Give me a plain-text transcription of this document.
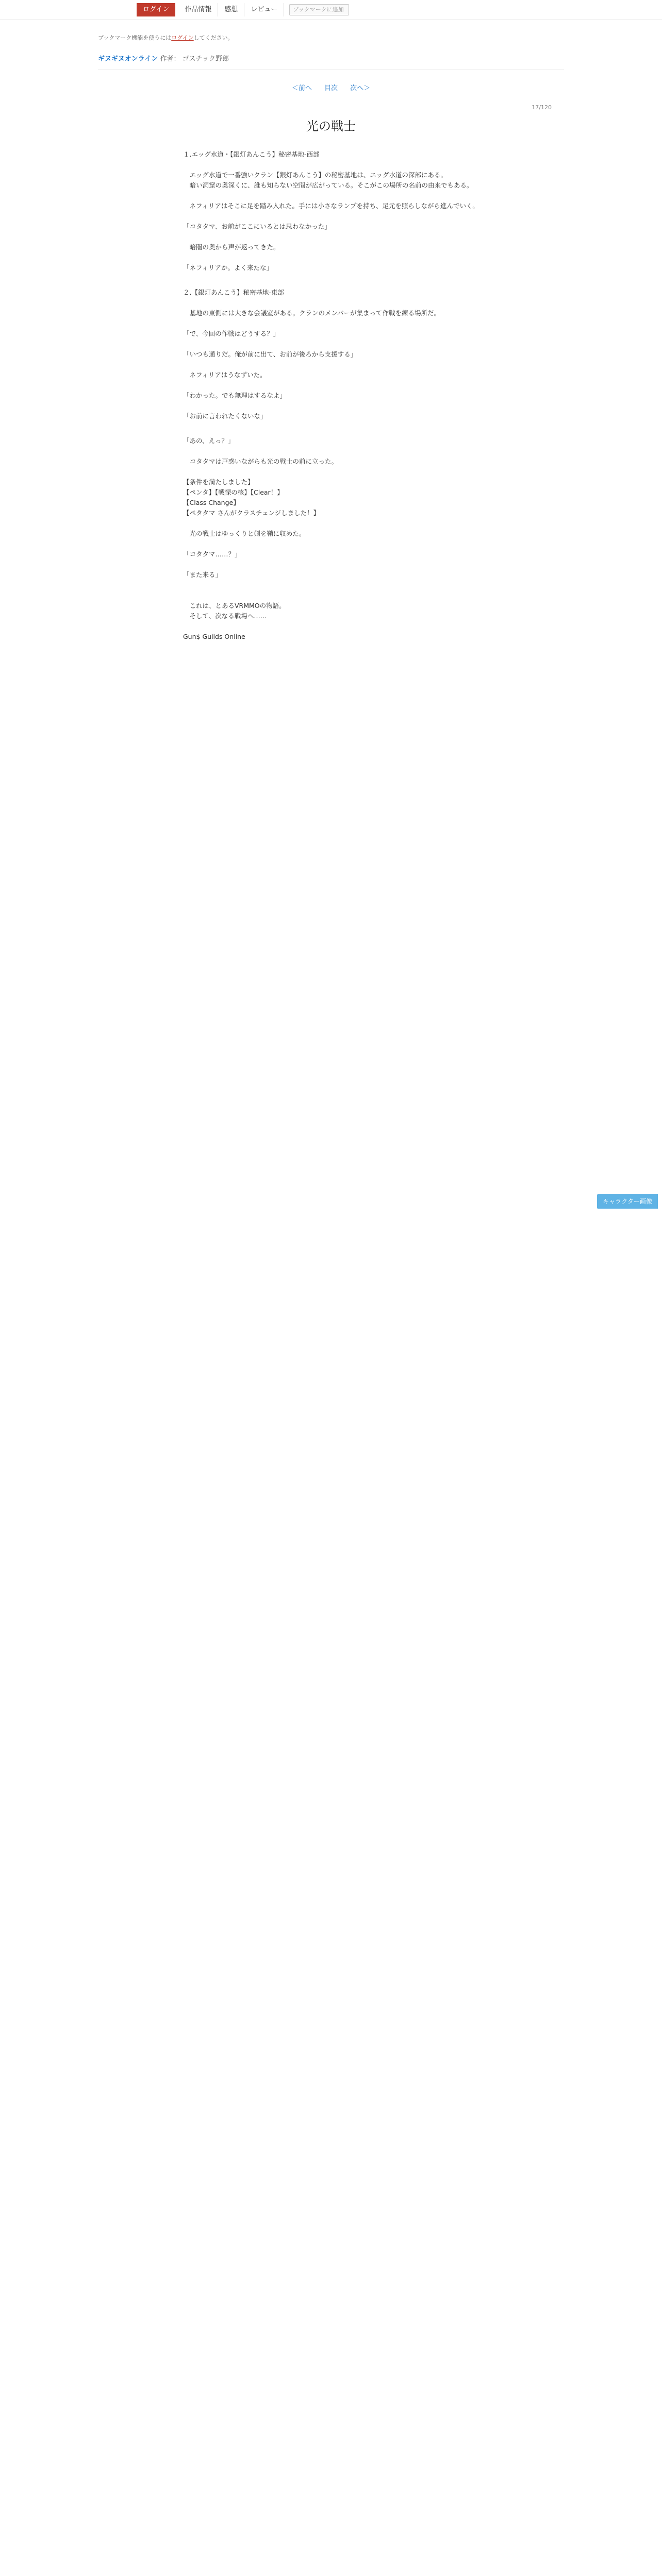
ログイン	作品情報	感想	レビュー	ブックマークに追加
ブックマーク機能を使うにはログインしてください。
ギヌギヌオンライン 作者： ゴスチック野郎
＜前へ 目次 次へ＞
17/120
光の戦士

１.エッグ水道・【銀灯あんこう】秘密基地-西部

　エッグ水道で一番強いクラン【銀灯あんこう】の秘密基地は、エッグ水道の深部にある。

　暗い洞窟の奥深くに、誰も知らない空間が広がっている。そこがこの場所の名前の由来でもある。

　ネフィリアはそこに足を踏み入れた。手には小さなランプを持ち、足元を照らしながら進んでいく。

「コタタマ、お前がここにいるとは思わなかった」

　暗闇の奥から声が返ってきた。

「ネフィリアか。よく来たな」

２.【銀灯あんこう】秘密基地-東部

　基地の東側には大きな会議室がある。クランのメンバーが集まって作戦を練る場所だ。

「で、今回の作戦はどうする？」

「いつも通りだ。俺が前に出て、お前が後ろから支援する」

　ネフィリアはうなずいた。

「わかった。でも無理はするなよ」

「お前に言われたくないな」

「あの、えっ？」

　コタタマは戸惑いながらも光の戦士の前に立った。

【条件を満たしました】

【ペンタ】【戦慄の核】【Clear！】

【Class Change】

【ペタタマ さんがクラスチェンジしました！】

　光の戦士はゆっくりと剣を鞘に収めた。

「コタタマ……？」

「また来る」

　これは、とあるVRMMOの物語。

　そして、次なる戦場へ……

Gun$ Guilds Online

キャラクター画像
